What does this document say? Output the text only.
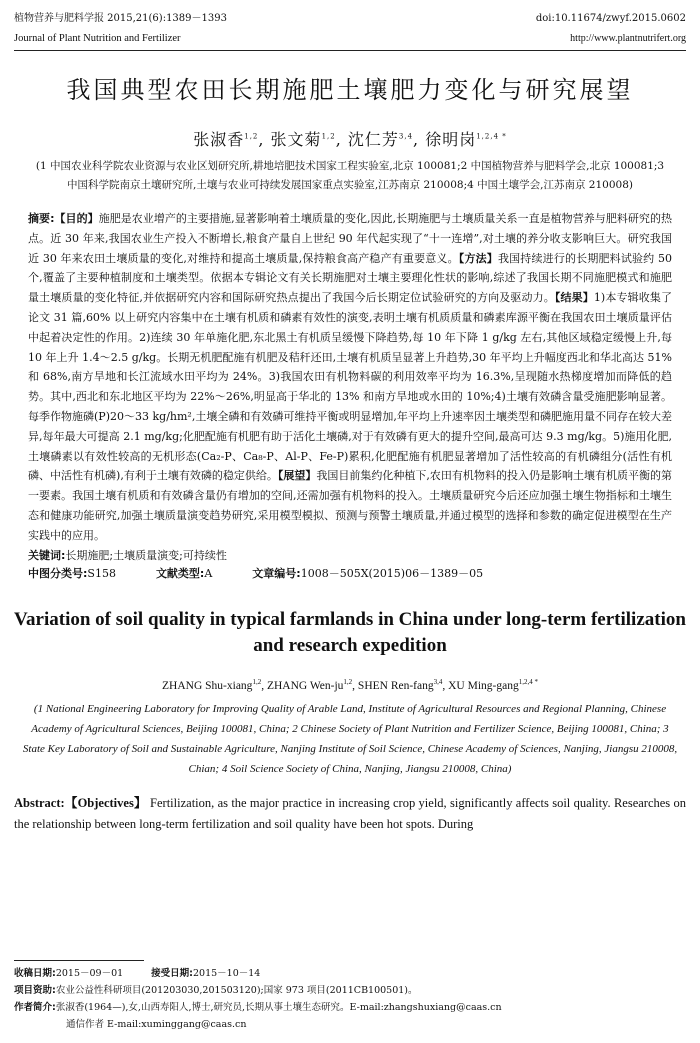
植物营养与肥料学报 2015,21(6):1389－1393
Journal of Plant Nutrition and Fertilizer
doi:10.11674/zwyf.2015.0602
http://www.plantnutrifert.org
我国典型农田长期施肥土壤肥力变化与研究展望
张淑香$^{1,2}$, 张文菊$^{1,2}$, 沈仁芳$^{3,4}$, 徐明岗$^{1,2,4 *}$
(1 中国农业科学院农业资源与农业区划研究所,耕地培肥技术国家工程实验室,北京 100081;2 中国植物营养与肥料学会,北京 100081;3 中国科学院南京土壤研究所,土壤与农业可持续发展国家重点实验室,江苏南京 210008;4 中国土壤学会,江苏南京 210008)
摘要:【目的】施肥是农业增产的主要措施,显著影响着土壤质量的变化,因此,长期施肥与土壤质量关系一直是植物营养与肥料研究的热点。近 30 年来,我国农业生产投入不断增长,粮食产量自上世纪 90 年代起实现了“十一连增”,对土壤的养分收支影响巨大。研究我国近 30 年来农田土壤质量的变化,对维持和提高土壤质量,保持粮食高产稳产有重要意义。【方法】我国持续进行的长期肥料试验约 50 个,覆盖了主要种植制度和土壤类型。依据本专辑论文有关长期施肥对土壤主要理化性状的影响,综述了我国长期不同施肥模式和施肥量土壤质量的变化特征,并依据研究内容和国际研究热点提出了我国今后长期定位试验研究的方向及驱动力。【结果】1)本专辑收集了论文 31 篇,60% 以上研究内容集中在土壤有机质和磷素有效性的演变,表明土壤有机质质量和磷素库源平衡在我国农田土壤质量评估中起着决定性的作用。2)连续 30 年单施化肥,东北黑土有机质呈缓慢下降趋势,每 10 年下降 1 g/kg 左右,其他区域稳定缓慢上升,每 10 年上升 1.4～2.5 g/kg。长期无机肥配施有机肥及秸秆还田,土壤有机质呈显著上升趋势,30 年平均上升幅度西北和华北高达 51% 和 68%,南方旱地和长江流域水田平均为 24%。3)我国农田有机物料碳的利用效率平均为 16.3%,呈现随水热梯度增加而降低的趋势。其中,西北和东北地区平均为 22%～26%,明显高于华北的 13% 和南方旱地或水田的 10%;4)土壤有效磷含量受施肥影响显著。每季作物施磷(P)20～33 kg/hm²,土壤全磷和有效磷可维持平衡或明显增加,年平均上升速率因土壤类型和磷肥施用量不同存在较大差异,每年最大可提高 2.1 mg/kg;化肥配施有机肥有助于活化土壤磷,对于有效磷有更大的提升空间,最高可达 9.3 mg/kg。5)施用化肥,土壤磷素以有效性较高的无机形态(Ca₂-P、Ca₈-P、Al-P、Fe-P)累积,化肥配施有机肥显著增加了活性较高的有机磷组分(活性有机磷、中活性有机磷),有利于土壤有效磷的稳定供给。【展望】我国目前集约化种植下,农田有机物料的投入仍是影响土壤有机质平衡的第一要素。我国土壤有机质和有效磷含量仍有增加的空间,还需加强有机物料的投入。土壤质量研究今后还应加强土壤生物指标和土壤生态和健康功能研究,加强土壤质量演变趋势研究,采用模型模拟、预测与预警土壤质量,并通过模型的选择和参数的确定促进模型在生产实践中的应用。
关键词:长期施肥;土壤质量演变;可持续性
中图分类号:S158	文献类型:A	文章编号:1008－505X(2015)06－1389－05
Variation of soil quality in typical farmlands in China under long-term fertilization and research expedition
ZHANG Shu-xiang$^{1,2}$, ZHANG Wen-ju$^{1,2}$, SHEN Ren-fang$^{3,4}$, XU Ming-gang$^{1,2,4 *}$
(1 National Engineering Laboratory for Improving Quality of Arable Land, Institute of Agricultural Resources and Regional Planning, Chinese Academy of Agricultural Sciences, Beijing 100081, China; 2 Chinese Society of Plant Nutrition and Fertilizer Science, Beijing 100081, China; 3 State Key Laboratory of Soil and Sustainable Agriculture, Nanjing Institute of Soil Science, Chinese Academy of Sciences, Nanjing, Jiangsu 210008, Chian; 4 Soil Science Society of China, Nanjing, Jiangsu 210008, China)
Abstract:【Objectives】 Fertilization, as the major practice in increasing crop yield, significantly affects soil quality. Researches on the relationship between long-term fertilization and soil quality have been hot spots. During
收稿日期:2015－09－01	接受日期:2015－10－14
项目资助:农业公益性科研项目(201203030,201503120);国家 973 项目(2011CB100501)。
作者简介:张淑香(1964—),女,山西寿阳人,博士,研究员,长期从事土壤生态研究。E-mail:zhangshuxiang@caas.cn
通信作者 E-mail:xuminggang@caas.cn
